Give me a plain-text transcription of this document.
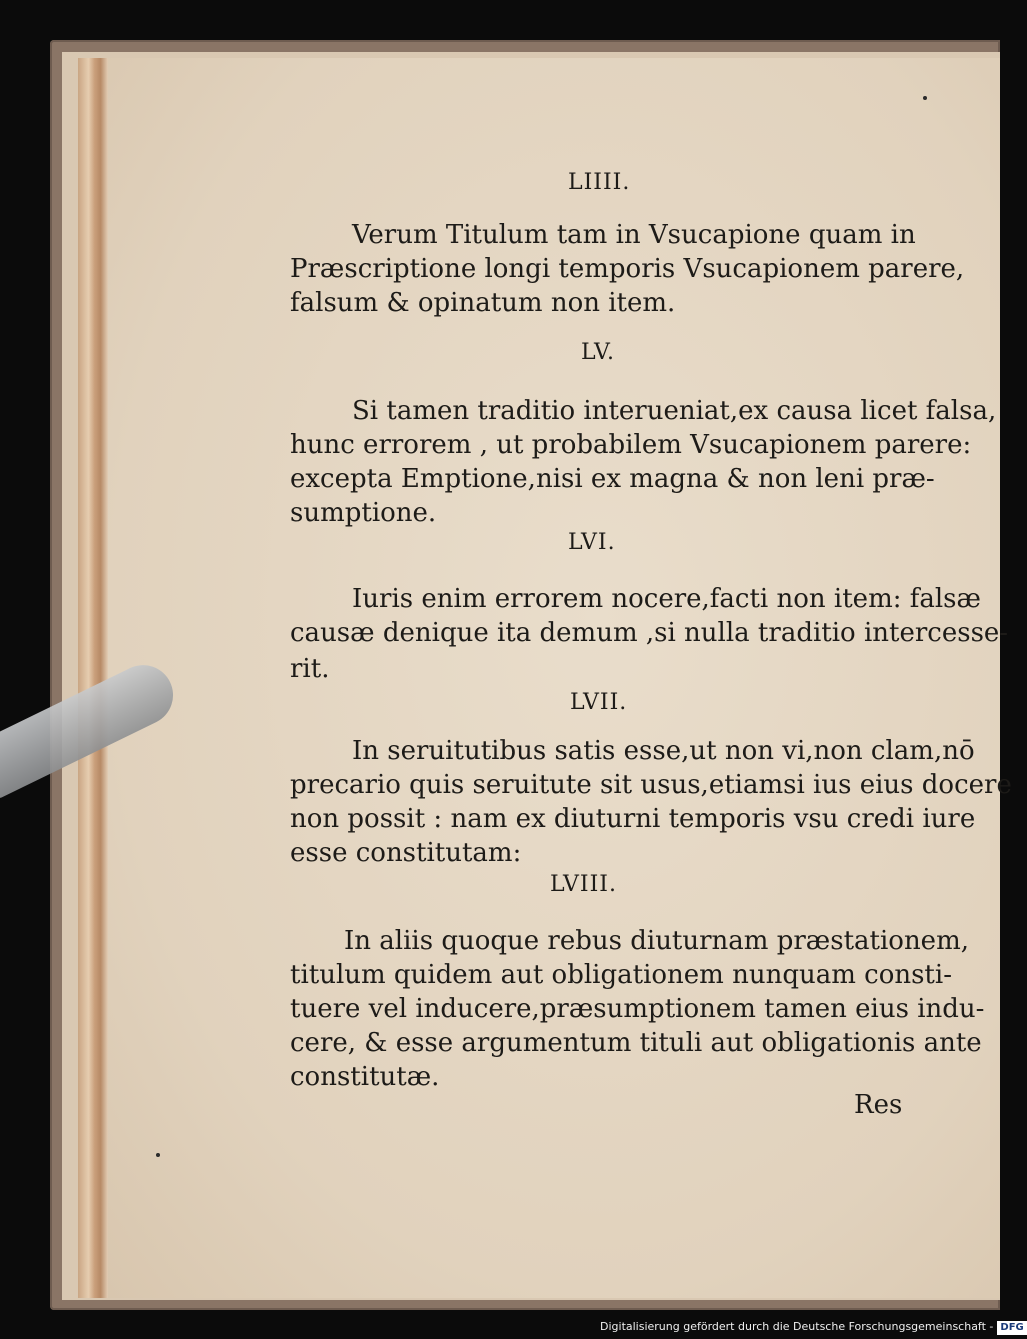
LIIII.
Verum Titulum tam in Vsucapione quam in
Præscriptione longi temporis Vsucapionem parere,
falsum & opinatum non item.
LV.
Si tamen traditio interueniat,ex causa licet falsa,
hunc errorem , ut probabilem Vsucapionem parere:
excepta Emptione,nisi ex magna & non leni præ-
sumptione.
LVI.
Iuris enim errorem nocere,facti non item: falsæ
causæ denique ita demum ,si nulla traditio intercesse-
rit.
LVII.
In seruitutibus satis esse,ut non vi,non clam,nō
precario quis seruitute sit usus,etiamsi ius eius docere
non possit : nam ex diuturni temporis vsu credi iure
esse constitutam:
LVIII.
In aliis quoque rebus diuturnam præstationem,
titulum quidem aut obligationem nunquam consti-
tuere vel inducere,præsumptionem tamen eius indu-
cere, & esse argumentum tituli aut obligationis ante
constitutæ.
Res
Digitalisierung gefördert durch die Deutsche Forschungsgemeinschaft - DFG
